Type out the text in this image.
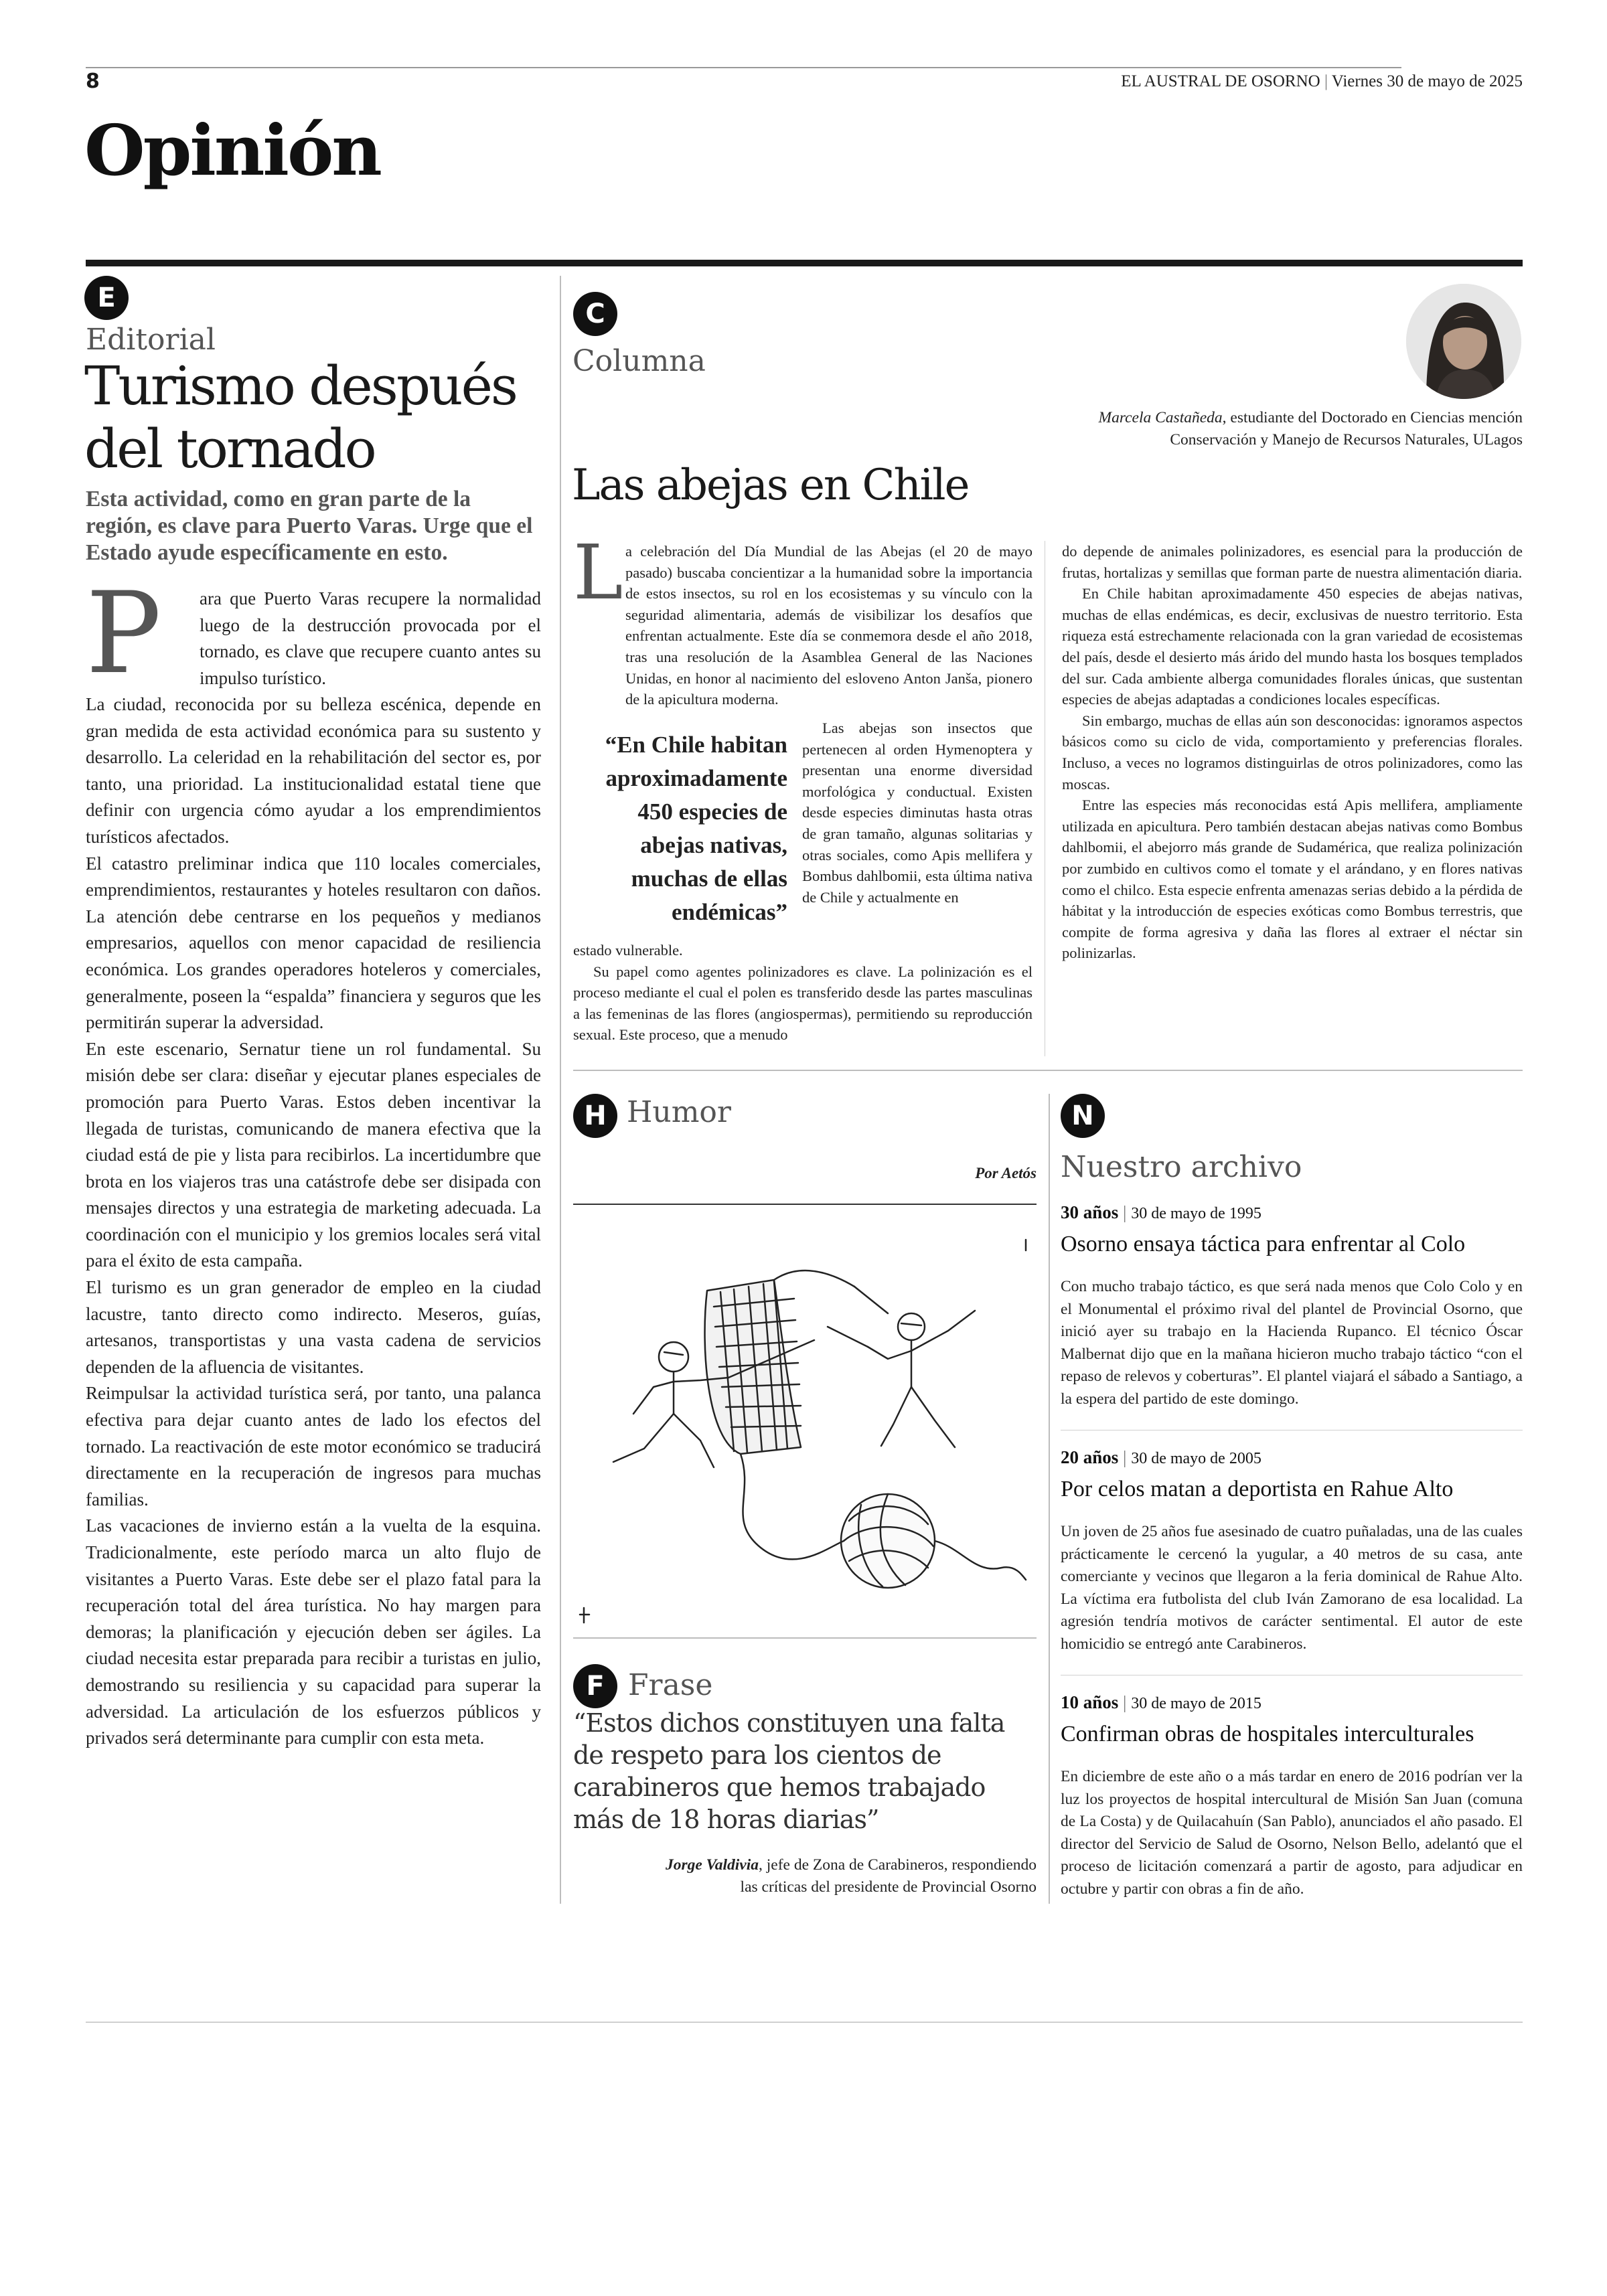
8	EL AUSTRAL DE OSORNO | Viernes 30 de mayo de 2025
Opinión
E
Editorial
Turismo después
del tornado
Esta actividad, como en gran parte de la región, es clave para Puerto Varas. Urge que el Estado ayude específicamente en esto.
P ara que Puerto Varas recupere la normalidad luego de la destrucción provocada por el tornado, es clave que recupere cuanto antes su impulso turístico.

La ciudad, reconocida por su belleza escénica, depende en gran medida de esta actividad económica para su sustento y desarrollo. La celeridad en la rehabilitación del sector es, por tanto, una prioridad. La institucionalidad estatal tiene que definir con urgencia cómo ayudar a los emprendimientos turísticos afectados.

El catastro preliminar indica que 110 locales comerciales, emprendimientos, restaurantes y hoteles resultaron con daños. La atención debe centrarse en los pequeños y medianos empresarios, aquellos con menor capacidad de resiliencia económica. Los grandes operadores hoteleros y comerciales, generalmente, poseen la “espalda” financiera y seguros que les permitirán superar la adversidad.

En este escenario, Sernatur tiene un rol fundamental. Su misión debe ser clara: diseñar y ejecutar planes especiales de promoción para Puerto Varas. Estos deben incentivar la llegada de turistas, comunicando de manera efectiva que la ciudad está de pie y lista para recibirlos. La incertidumbre que brota en los viajeros tras una catástrofe debe ser disipada con mensajes directos y una estrategia de marketing adecuada. La coordinación con el municipio y los gremios locales será vital para el éxito de esta campaña.

El turismo es un gran generador de empleo en la ciudad lacustre, tanto directo como indirecto. Meseros, guías, artesanos, transportistas y una vasta cadena de servicios dependen de la afluencia de visitantes.

Reimpulsar la actividad turística será, por tanto, una palanca efectiva para dejar cuanto antes de lado los efectos del tornado. La reactivación de este motor económico se traducirá directamente en la recuperación de ingresos para muchas familias.

Las vacaciones de invierno están a la vuelta de la esquina. Tradicionalmente, este período marca un alto flujo de visitantes a Puerto Varas. Este debe ser el plazo fatal para la recuperación total del área turística. No hay margen para demoras; la planificación y ejecución deben ser ágiles. La ciudad necesita estar preparada para recibir a turistas en julio, demostrando su resiliencia y su capacidad para superar la adversidad. La articulación de los esfuerzos públicos y privados será determinante para cumplir con esta meta.

C
Columna
Marcela Castañeda, estudiante del Doctorado en Ciencias mención
Conservación y Manejo de Recursos Naturales, ULagos
Las abejas en Chile
L a celebración del Día Mundial de las Abejas (el 20 de mayo pasado) buscaba concientizar a la humanidad sobre la importancia de estos insectos, su rol en los ecosistemas y su vínculo con la seguridad alimentaria, además de visibilizar los desafíos que enfrentan actualmente. Este día se conmemora desde el año 2018, tras una resolución de la Asamblea General de las Naciones Unidas, en honor al nacimiento del esloveno Anton Janša, pionero de la apicultura moderna.

“En Chile habitan aproximadamente 450 especies de abejas nativas, muchas de ellas endémicas”

Las abejas son insectos que pertenecen al orden Hymenoptera y presentan una enorme diversidad morfológica y conductual. Existen desde especies diminutas hasta otras de gran tamaño, algunas solitarias y otras sociales, como Apis mellifera y Bombus dahlbomii, esta última nativa de Chile y actualmente en

estado vulnerable.

Su papel como agentes polinizadores es clave. La polinización es el proceso mediante el cual el polen es transferido desde las partes masculinas a las femeninas de las flores (angiospermas), permitiendo su reproducción sexual. Este proceso, que a menudo

do depende de animales polinizadores, es esencial para la producción de frutas, hortalizas y semillas que forman parte de nuestra alimentación diaria.

En Chile habitan aproximadamente 450 especies de abejas nativas, muchas de ellas endémicas, es decir, exclusivas de nuestro territorio. Esta riqueza está estrechamente relacionada con la gran variedad de ecosistemas del país, desde el desierto más árido del mundo hasta los bosques templados del sur. Cada ambiente alberga comunidades florales únicas, que sustentan especies de abejas adaptadas a condiciones locales específicas.

Sin embargo, muchas de ellas aún son desconocidas: ignoramos aspectos básicos como su ciclo de vida, comportamiento y preferencias florales. Incluso, a veces no logramos distinguirlas de otros polinizadores, como las moscas.

Entre las especies más reconocidas está Apis mellifera, ampliamente utilizada en apicultura. Pero también destacan abejas nativas como Bombus dahlbomii, el abejorro más grande de Sudamérica, que realiza polinización por zumbido en cultivos como el tomate y el arándano, y en flores nativas como el chilco. Esta especie enfrenta amenazas serias debido a la pérdida de hábitat y la introducción de especies exóticas como Bombus terrestris, que compite de forma agresiva y daña las flores al extraer el néctar sin polinizarlas.

H Humor
Por Aetós
F Frase
“Estos dichos constituyen una falta de respeto para los cientos de carabineros que hemos trabajado más de 18 horas diarias”
Jorge Valdivia, jefe de Zona de Carabineros, respondiendo
las críticas del presidente de Provincial Osorno
N
Nuestro archivo
30 años | 30 de mayo de 1995
Osorno ensaya táctica para enfrentar al Colo
Con mucho trabajo táctico, es que será nada menos que Colo Colo y en el Monumental el próximo rival del plantel de Provincial Osorno, que inició ayer su trabajo en la Hacienda Rupanco. El técnico Óscar Malbernat dijo que en la mañana hicieron mucho trabajo táctico “con el repaso de relevos y coberturas”. El plantel viajará el sábado a Santiago, a la espera del partido de este domingo.
20 años | 30 de mayo de 2005
Por celos matan a deportista en Rahue Alto
Un joven de 25 años fue asesinado de cuatro puñaladas, una de las cuales prácticamente le cercenó la yugular, a 40 metros de su casa, ante comerciante y vecinos que llegaron a la feria dominical de Rahue Alto. La víctima era futbolista del club Iván Zamorano de esa localidad. La agresión tendría motivos de carácter sentimental. El autor de este homicidio se entregó ante Carabineros.
10 años | 30 de mayo de 2015
Confirman obras de hospitales interculturales
En diciembre de este año o a más tardar en enero de 2016 podrían ver la luz los proyectos de hospital intercultural de Misión San Juan (comuna de La Costa) y de Quilacahuín (San Pablo), anunciados el año pasado. El director del Servicio de Salud de Osorno, Nelson Bello, adelantó que el proceso de licitación comenzará a partir de agosto, para adjudicar en octubre y partir con obras a fin de año.
